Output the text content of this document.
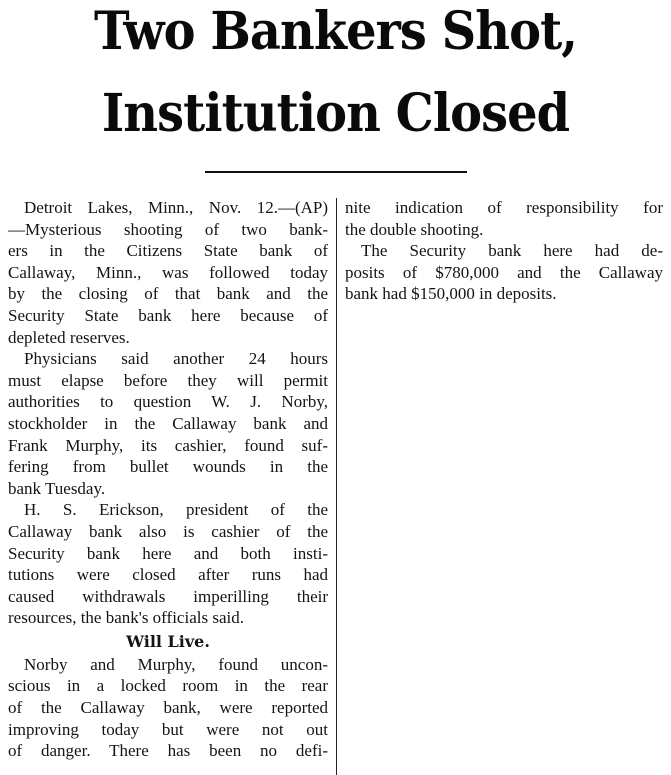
Two Bankers Shot,
Institution Closed
Detroit Lakes, Minn., Nov. 12.—(AP)
—Mysterious shooting of two bank-
ers in the Citizens State bank of
Callaway, Minn., was followed today
by the closing of that bank and the
Security State bank here because of
depleted reserves.
Physicians said another 24 hours
must elapse before they will permit
authorities to question W. J. Norby,
stockholder in the Callaway bank and
Frank Murphy, its cashier, found suf-
fering from bullet wounds in the
bank Tuesday.
H. S. Erickson, president of the
Callaway bank also is cashier of the
Security bank here and both insti-
tutions were closed after runs had
caused withdrawals imperilling their
resources, the bank's officials said.
Will Live.
Norby and Murphy, found uncon-
scious in a locked room in the rear
of the Callaway bank, were reported
improving today but were not out
of danger. There has been no defi-
nite indication of responsibility for
the double shooting.
The Security bank here had de-
posits of $780,000 and the Callaway
bank had $150,000 in deposits.
